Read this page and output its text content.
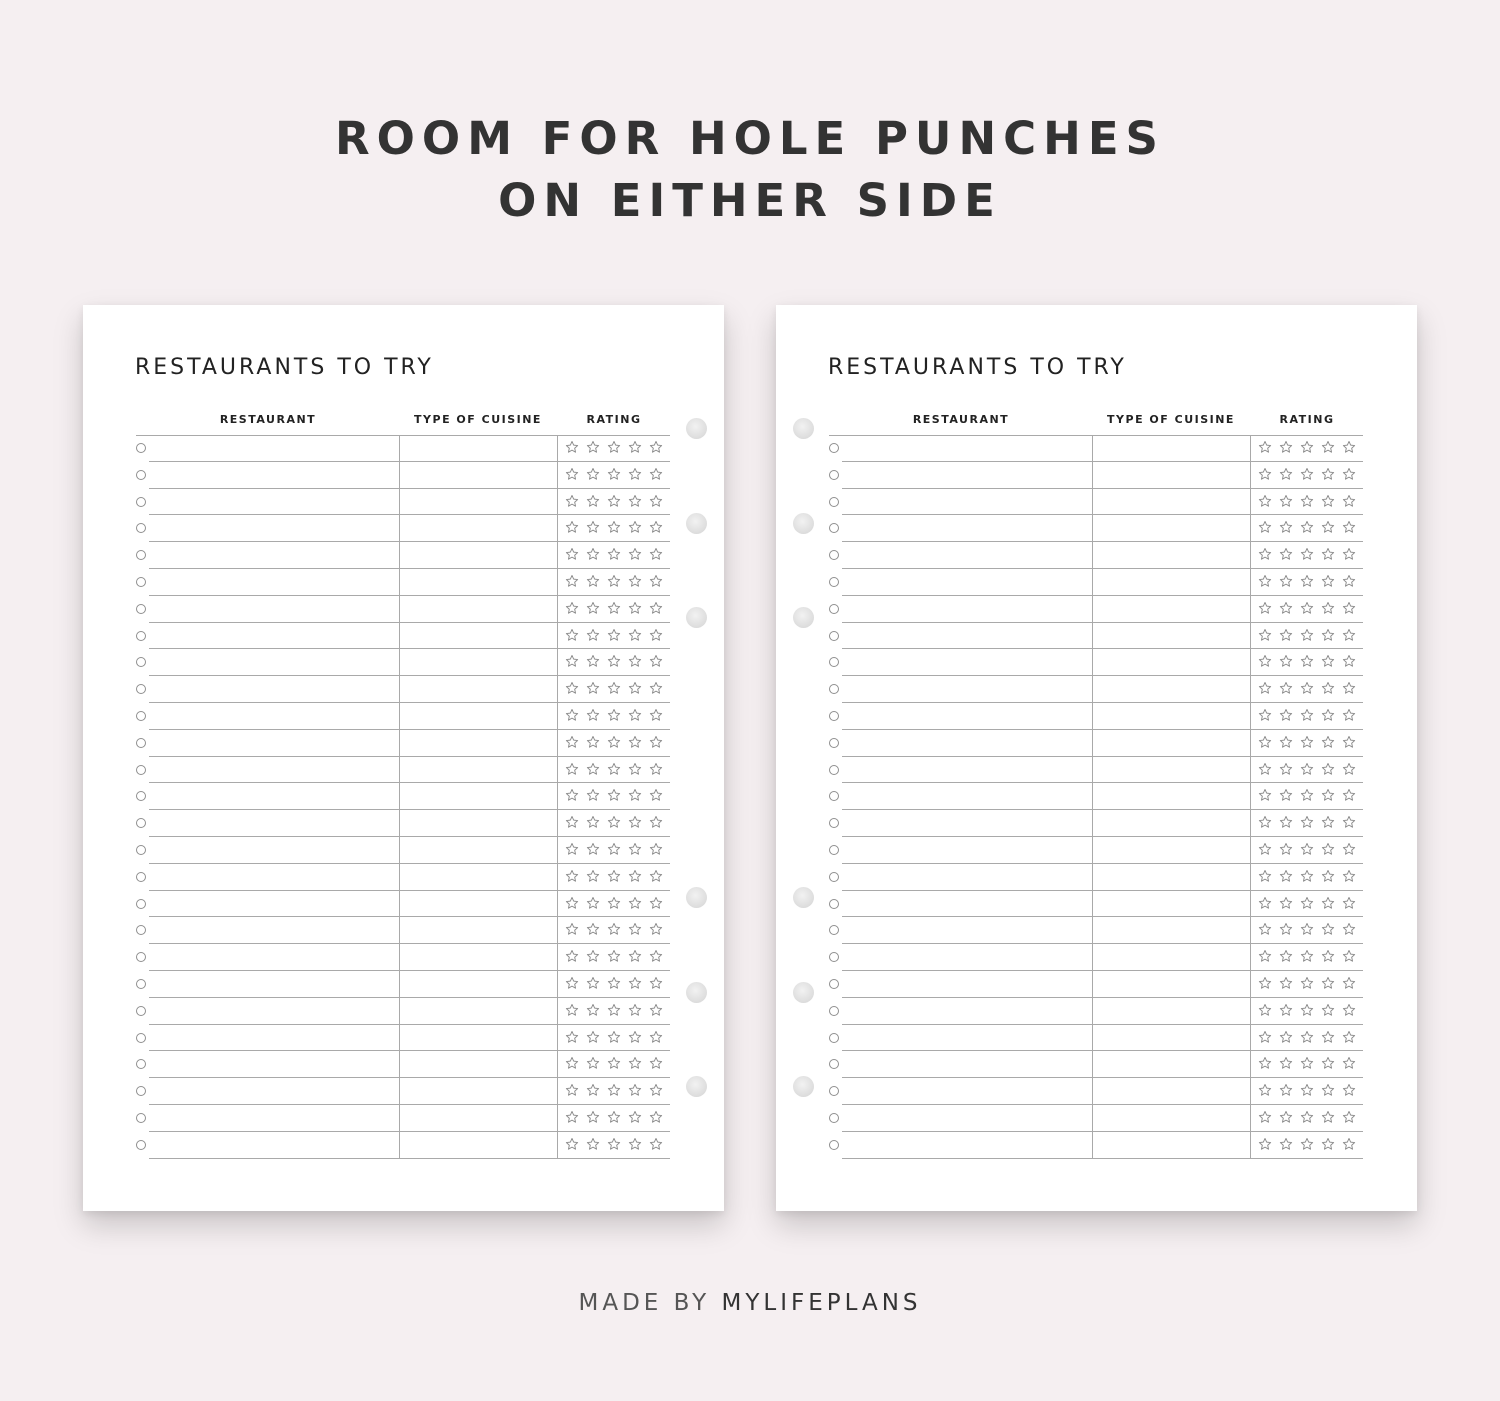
ROOM FOR HOLE PUNCHES
ON EITHER SIDE
RESTAURANTS TO TRY
RESTAURANT	TYPE OF CUISINE	RATING
RESTAURANTS TO TRY
RESTAURANT	TYPE OF CUISINE	RATING
MADE BY MYLIFEPLANS
